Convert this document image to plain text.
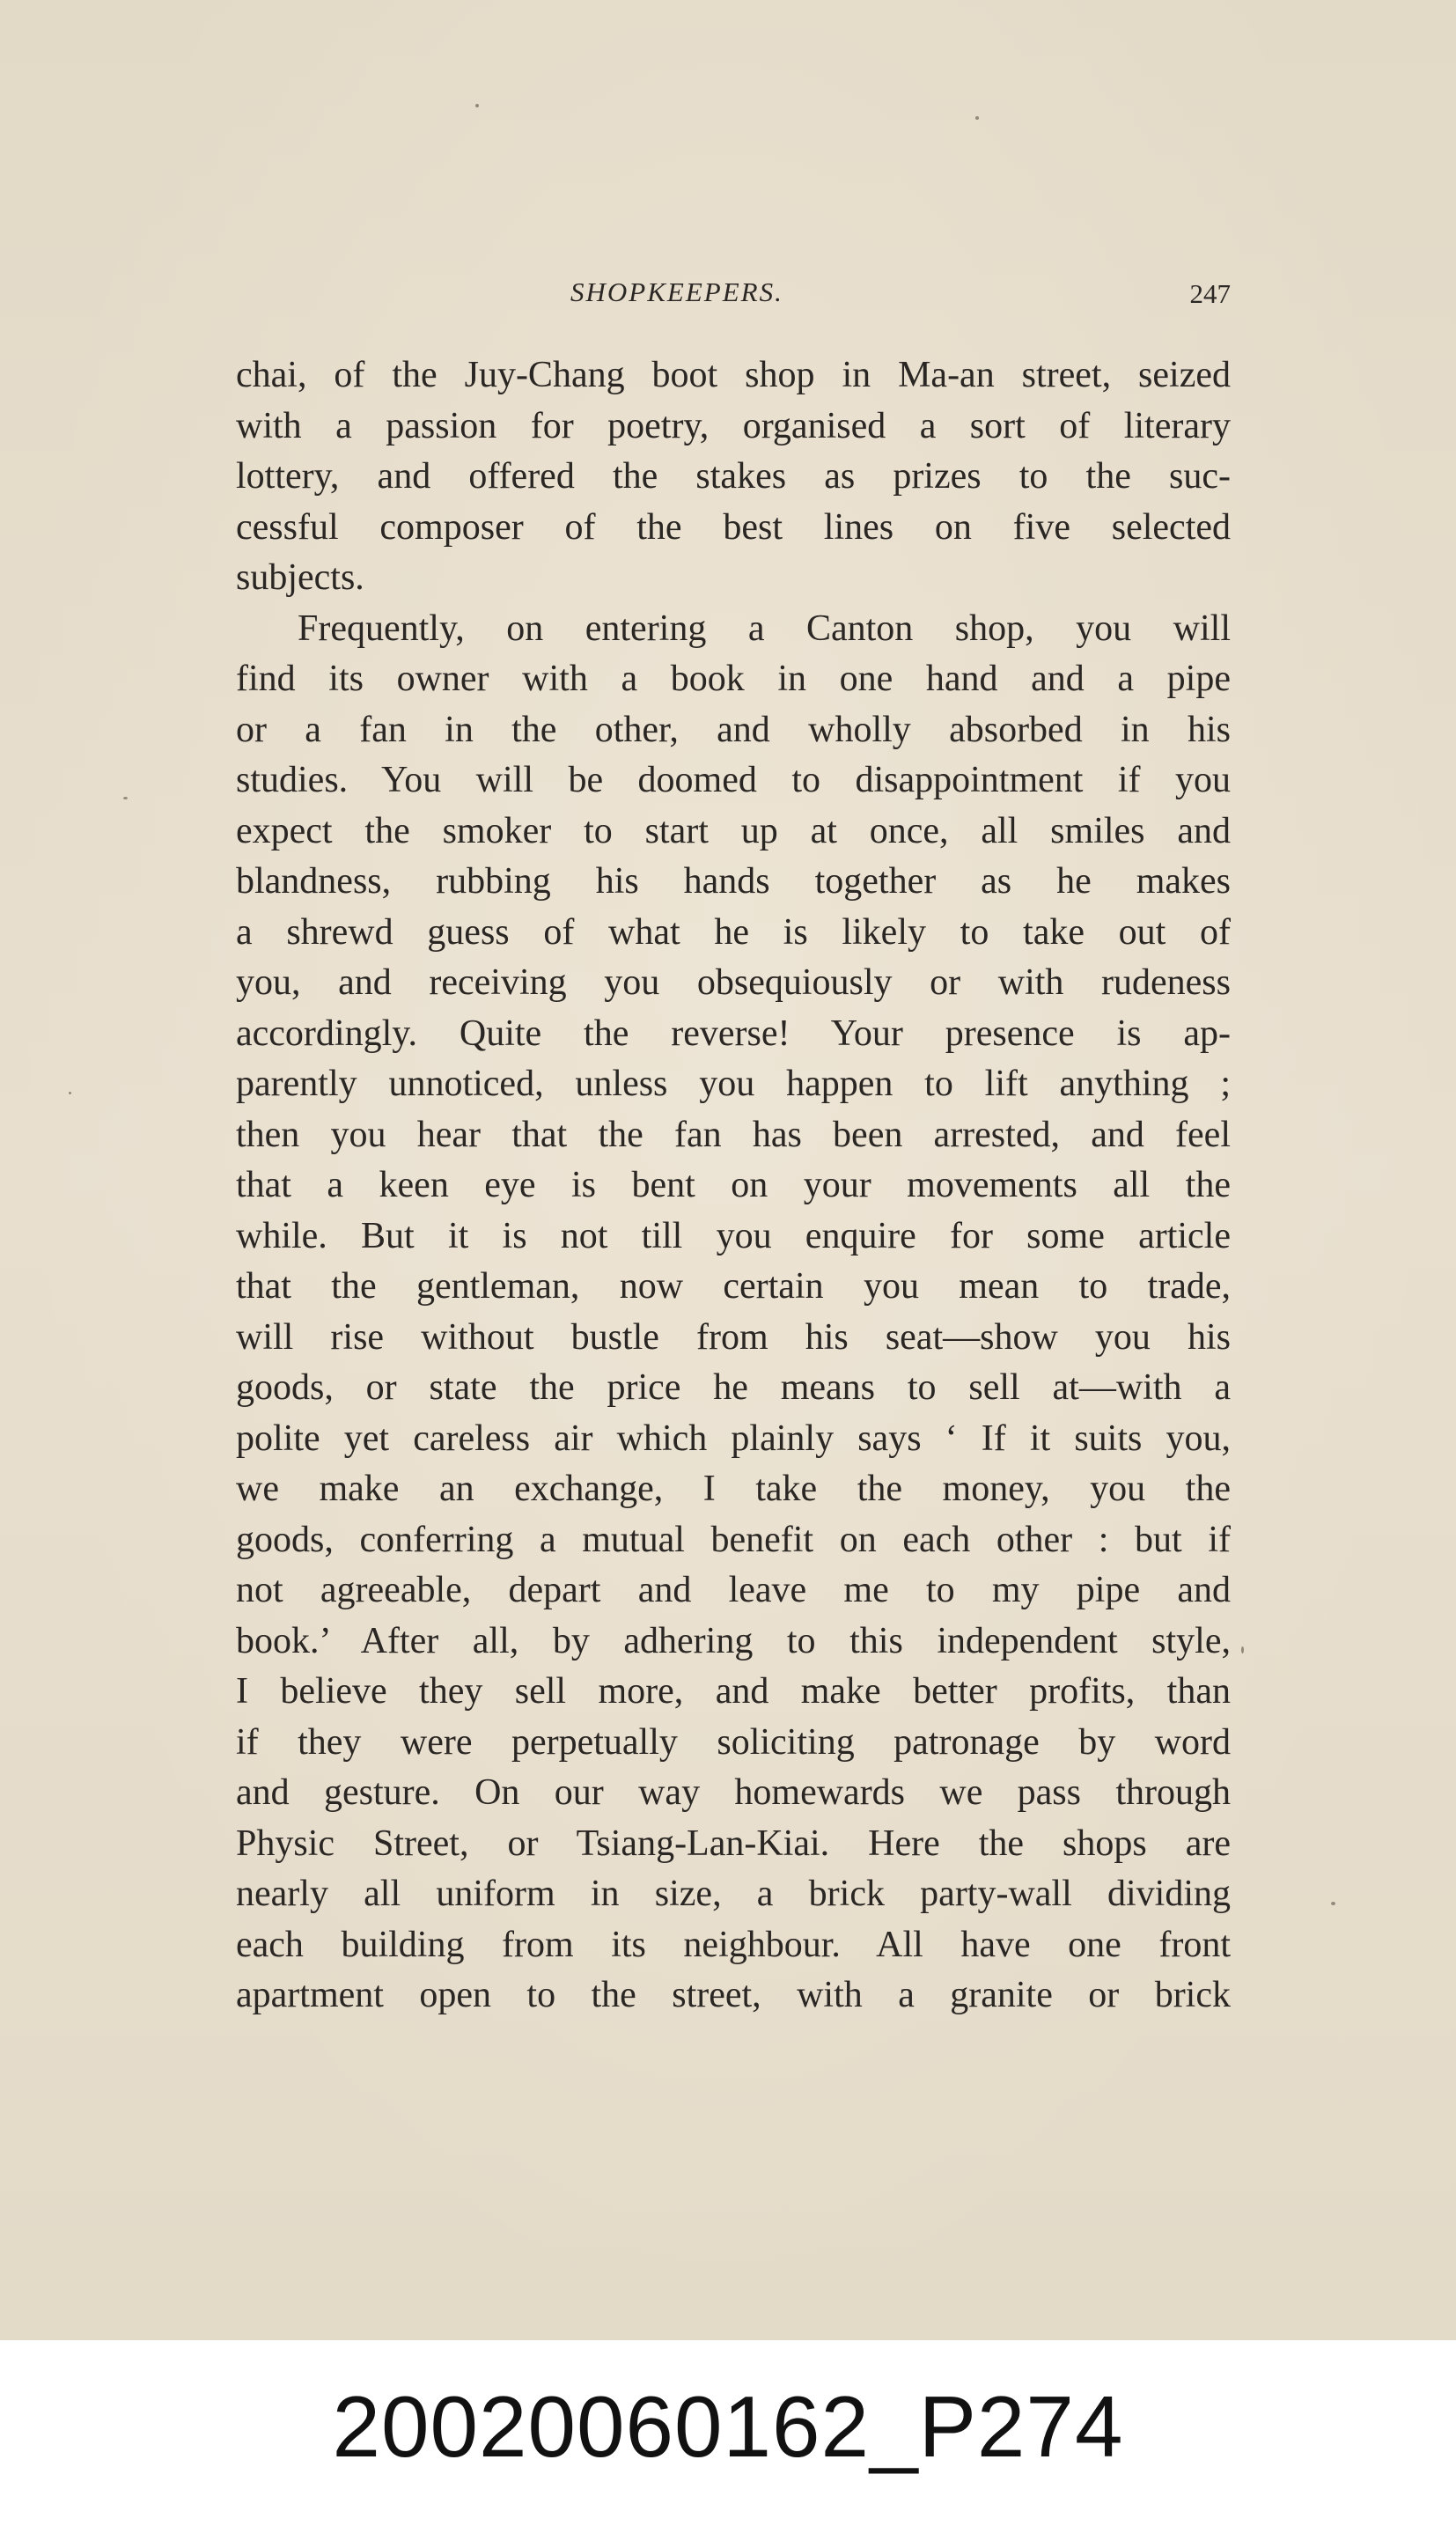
SHOPKEEPERS.	247
chai, of the Juy-Chang boot shop in Ma-an street, seized
with a passion for poetry, organised a sort of literary
lottery, and offered the stakes as prizes to the suc-
cessful composer of the best lines on five selected
subjects.
Frequently, on entering a Canton shop, you will
find its owner with a book in one hand and a pipe
or a fan in the other, and wholly absorbed in his
studies. You will be doomed to disappointment if you
expect the smoker to start up at once, all smiles and
blandness, rubbing his hands together as he makes
a shrewd guess of what he is likely to take out of
you, and receiving you obsequiously or with rudeness
accordingly. Quite the reverse! Your presence is ap-
parently unnoticed, unless you happen to lift anything ;
then you hear that the fan has been arrested, and feel
that a keen eye is bent on your movements all the
while. But it is not till you enquire for some article
that the gentleman, now certain you mean to trade,
will rise without bustle from his seat—show you his
goods, or state the price he means to sell at—with a
polite yet careless air which plainly says ‘ If it suits you,
we make an exchange, I take the money, you the
goods, conferring a mutual benefit on each other : but if
not agreeable, depart and leave me to my pipe and
book.’ After all, by adhering to this independent style,
I believe they sell more, and make better profits, than
if they were perpetually soliciting patronage by word
and gesture. On our way homewards we pass through
Physic Street, or Tsiang-Lan-Kiai. Here the shops are
nearly all uniform in size, a brick party-wall dividing
each building from its neighbour. All have one front
apartment open to the street, with a granite or brick
20020060162_P274
